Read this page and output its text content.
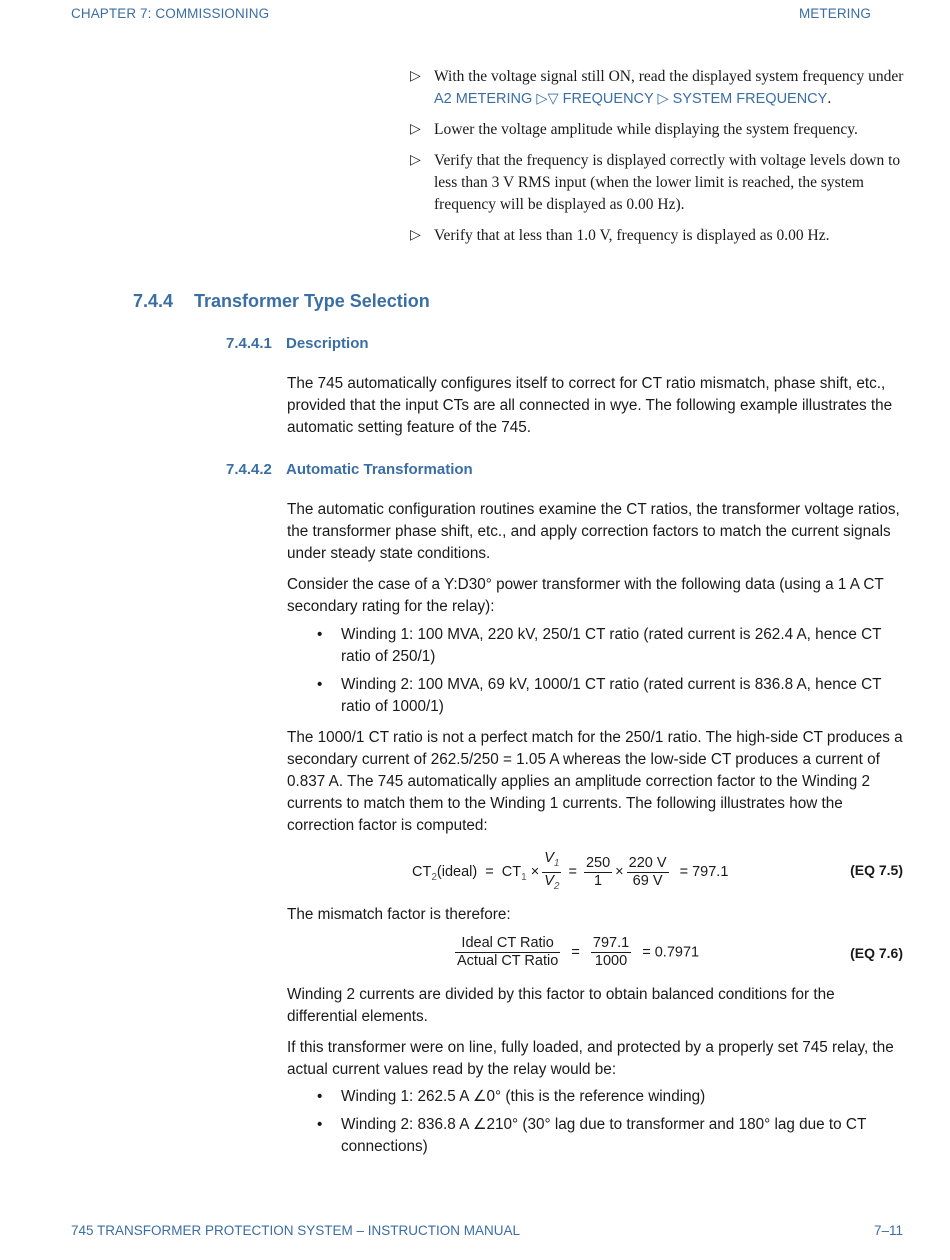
CHAPTER 7: COMMISSIONING	METERING
▷ With the voltage signal still ON, read the displayed system frequency under A2 METERING ▷▽ FREQUENCY ▷ SYSTEM FREQUENCY.
▷ Lower the voltage amplitude while displaying the system frequency.
▷ Verify that the frequency is displayed correctly with voltage levels down to less than 3 V RMS input (when the lower limit is reached, the system frequency will be displayed as 0.00 Hz).
▷ Verify that at less than 1.0 V, frequency is displayed as 0.00 Hz.
7.4.4 Transformer Type Selection
7.4.4.1 Description
The 745 automatically configures itself to correct for CT ratio mismatch, phase shift, etc., provided that the input CTs are all connected in wye. The following example illustrates the automatic setting feature of the 745.
7.4.4.2 Automatic Transformation
The automatic configuration routines examine the CT ratios, the transformer voltage ratios, the transformer phase shift, etc., and apply correction factors to match the current signals under steady state conditions.
Consider the case of a Y:D30° power transformer with the following data (using a 1 A CT secondary rating for the relay):

• Winding 1: 100 MVA, 220 kV, 250/1 CT ratio (rated current is 262.4 A, hence CT ratio of 250/1)

• Winding 2: 100 MVA, 69 kV, 1000/1 CT ratio (rated current is 836.8 A, hence CT ratio of 1000/1)

The 1000/1 CT ratio is not a perfect match for the 250/1 ratio. The high-side CT produces a secondary current of 262.5/250 = 1.05 A whereas the low-side CT produces a current of 0.837 A. The 745 automatically applies an amplitude correction factor to the Winding 2 currents to match them to the Winding 1 currents. The following illustrates how the correction factor is computed:
$CT_2(ideal) = CT_1 \times \frac{V_1}{V_2} = \frac{250}{1} \times \frac{220 V}{69 V} = 797.1$	(EQ 7.5)
The mismatch factor is therefore:
$\frac{\text{Ideal CT Ratio}}{\text{Actual CT Ratio}} = \frac{797.1}{1000} = 0.7971$	(EQ 7.6)
Winding 2 currents are divided by this factor to obtain balanced conditions for the differential elements.
If this transformer were on line, fully loaded, and protected by a properly set 745 relay, the actual current values read by the relay would be:

• Winding 1: 262.5 A ∠0° (this is the reference winding)

• Winding 2: 836.8 A ∠210° (30° lag due to transformer and 180° lag due to CT connections)

745 TRANSFORMER PROTECTION SYSTEM – INSTRUCTION MANUAL	7–11
